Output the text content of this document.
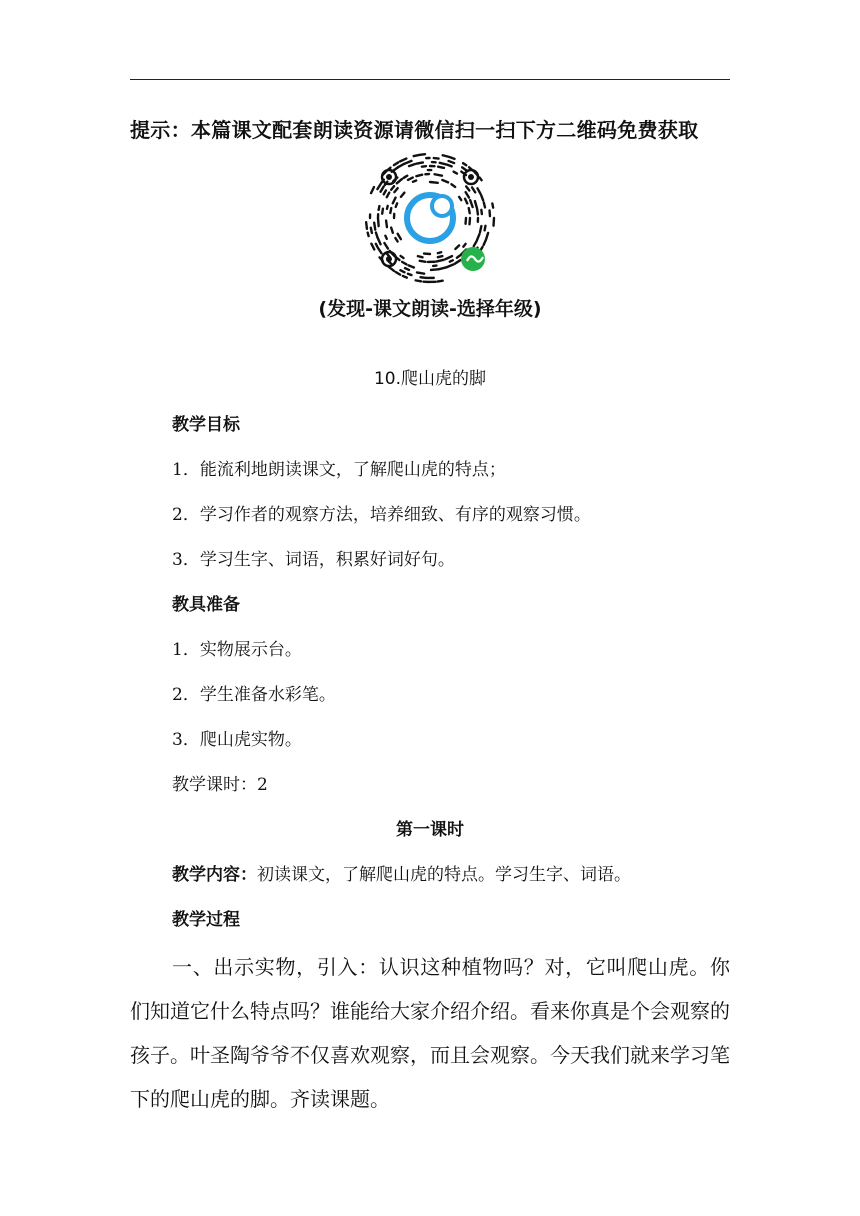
提示：本篇课文配套朗读资源请微信扫一扫下方二维码免费获取
(发现-课文朗读-选择年级)
10.爬山虎的脚
教学目标
1．能流利地朗读课文，了解爬山虎的特点；
2．学习作者的观察方法，培养细致、有序的观察习惯。
3．学习生字、词语，积累好词好句。
教具准备
1．实物展示台。
2．学生准备水彩笔。
3．爬山虎实物。
教学课时：2
第一课时
教学内容：初读课文，了解爬山虎的特点。学习生字、词语。
教学过程
一、出示实物，引入：认识这种植物吗？对，它叫爬山虎。你们知道它什么特点吗？谁能给大家介绍介绍。看来你真是个会观察的孩子。叶圣陶爷爷不仅喜欢观察，而且会观察。今天我们就来学习笔下的爬山虎的脚。齐读课题。
